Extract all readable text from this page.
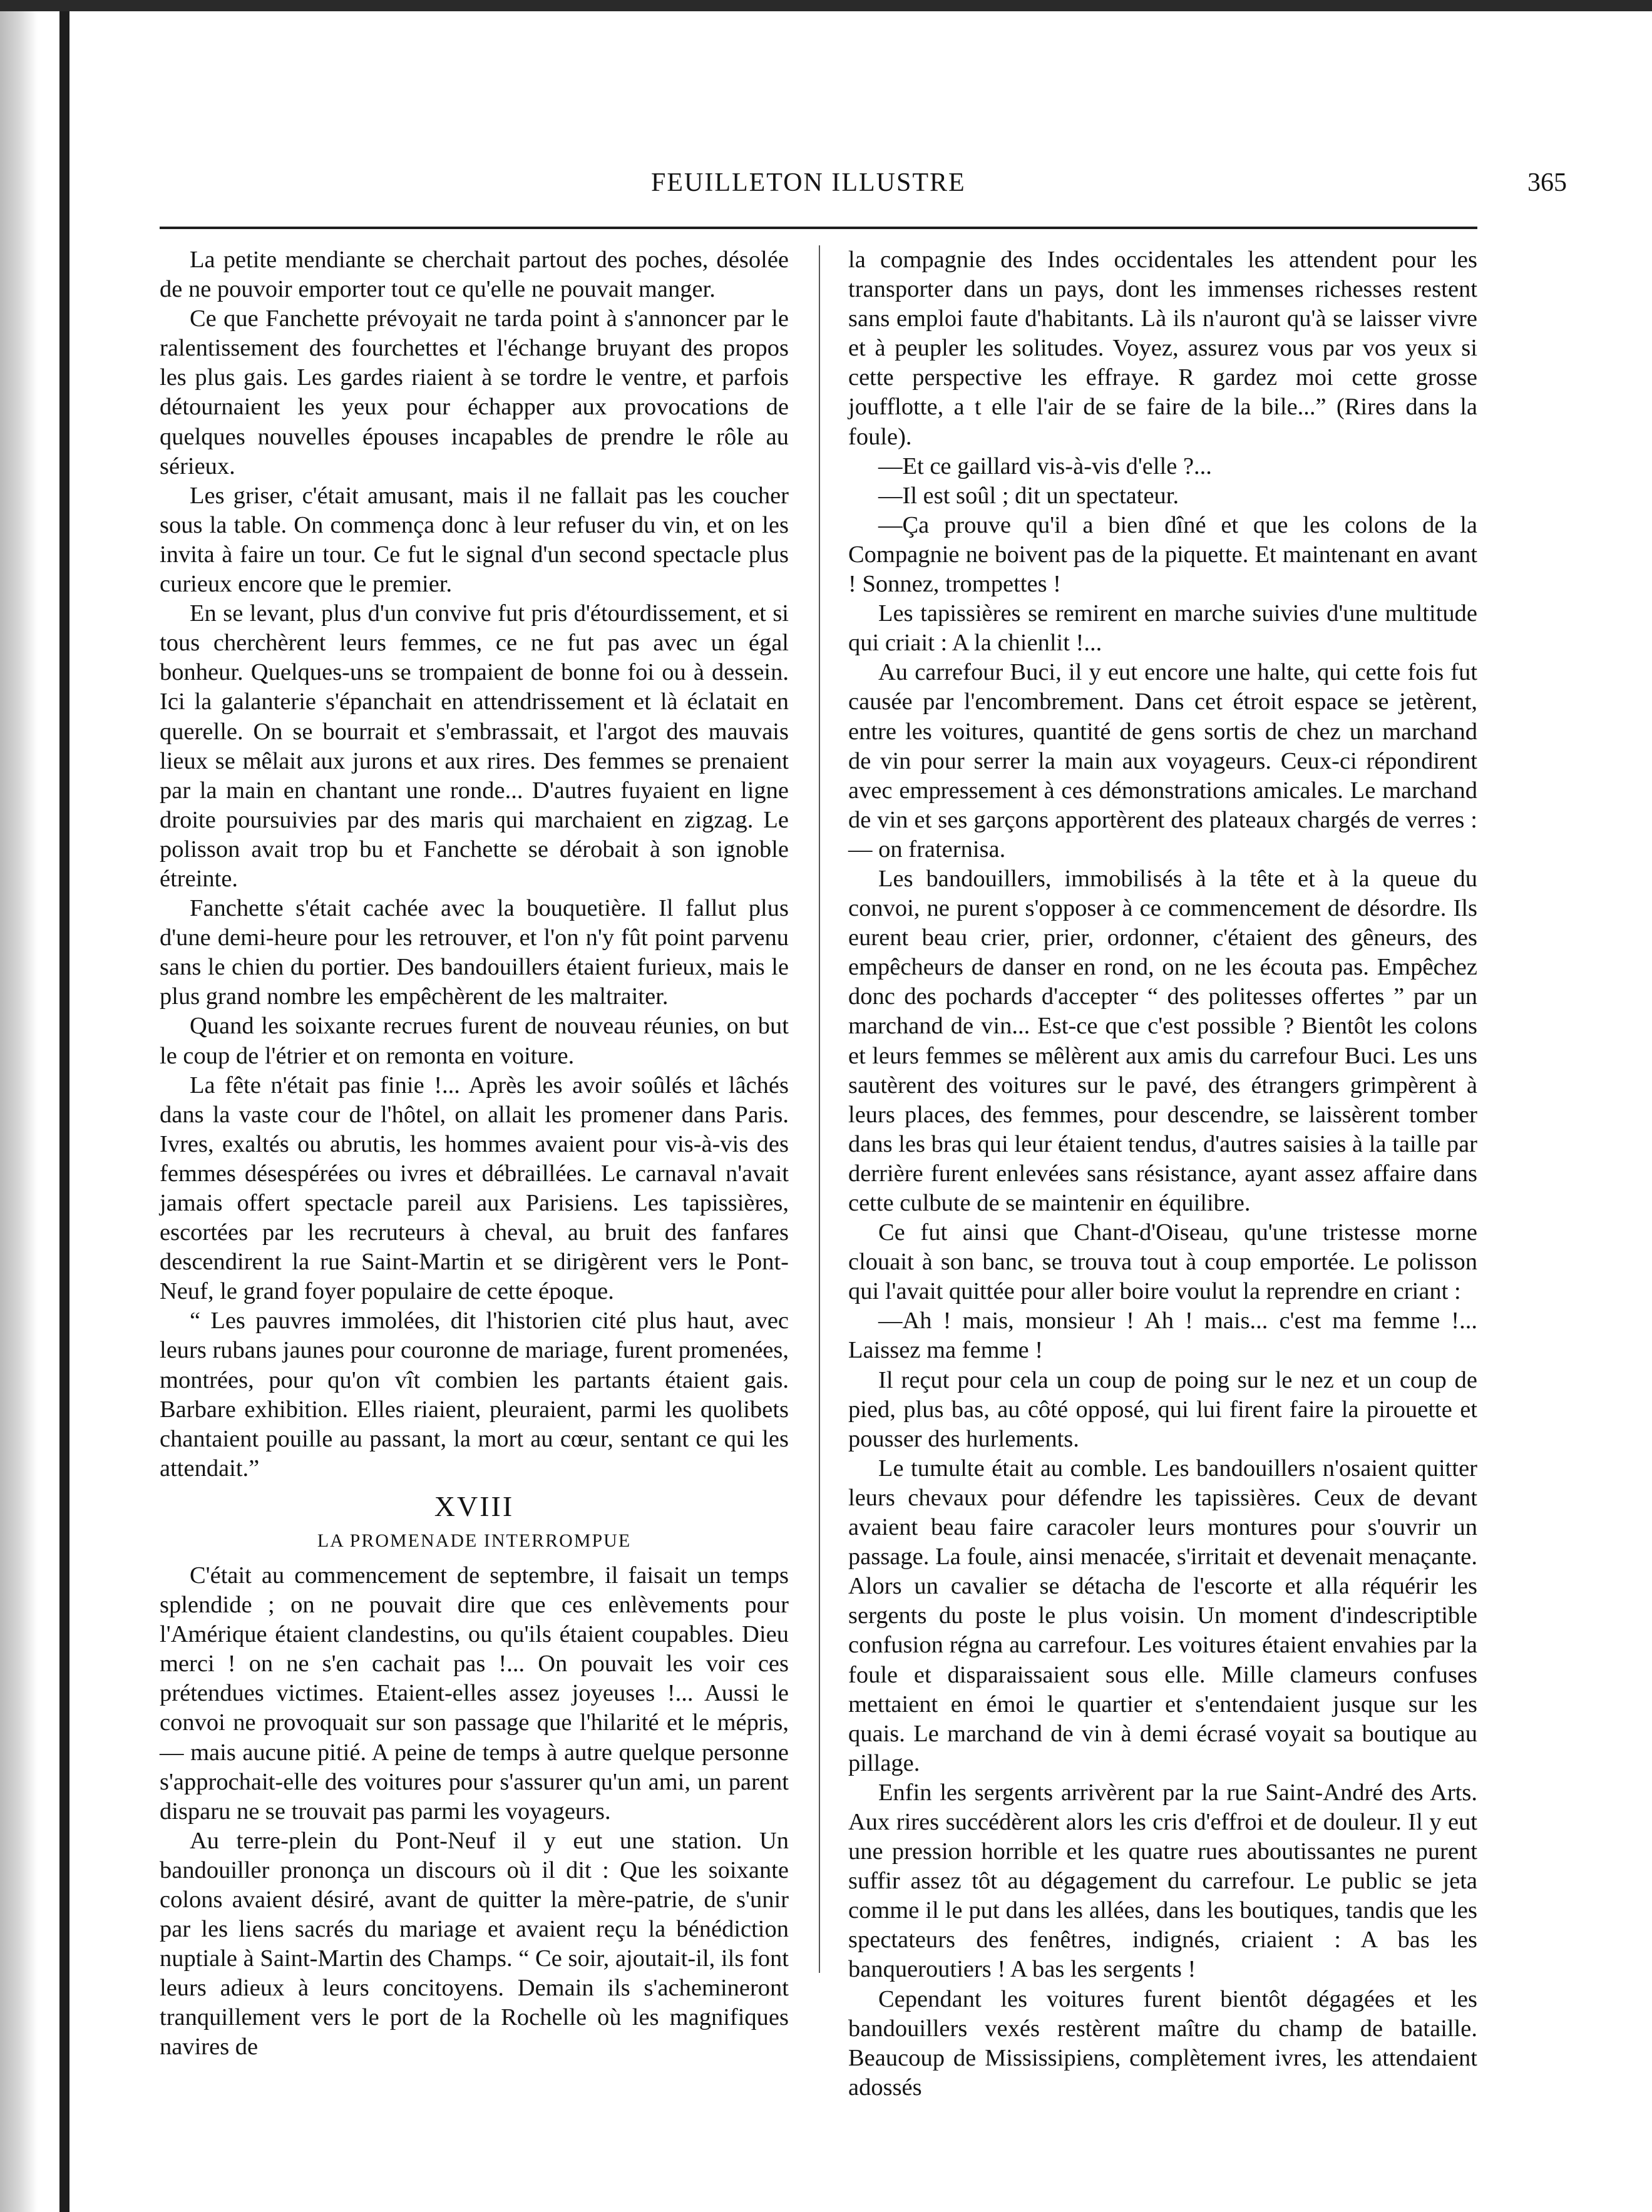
FEUILLETON ILLUSTRE	365

La petite mendiante se cherchait partout des poches, désolée de ne pouvoir emporter tout ce qu'elle ne pouvait manger.

Ce que Fanchette prévoyait ne tarda point à s'annoncer par le ralentissement des fourchettes et l'échange bruyant des propos les plus gais. Les gardes riaient à se tordre le ventre, et parfois détournaient les yeux pour échapper aux provocations de quelques nouvelles épouses incapables de prendre le rôle au sérieux.

Les griser, c'était amusant, mais il ne fallait pas les coucher sous la table. On commença donc à leur refuser du vin, et on les invita à faire un tour. Ce fut le signal d'un second spectacle plus curieux encore que le premier.

En se levant, plus d'un convive fut pris d'étourdissement, et si tous cherchèrent leurs femmes, ce ne fut pas avec un égal bonheur. Quelques-uns se trompaient de bonne foi ou à dessein. Ici la galanterie s'épanchait en attendrissement et là éclatait en querelle. On se bourrait et s'embrassait, et l'argot des mauvais lieux se mêlait aux jurons et aux rires. Des femmes se prenaient par la main en chantant une ronde... D'autres fuyaient en ligne droite poursuivies par des maris qui marchaient en zigzag. Le polisson avait trop bu et Fanchette se dérobait à son ignoble étreinte.

Fanchette s'était cachée avec la bouquetière. Il fallut plus d'une demi-heure pour les retrouver, et l'on n'y fût point parvenu sans le chien du portier. Des bandouillers étaient furieux, mais le plus grand nombre les empêchèrent de les maltraiter.

Quand les soixante recrues furent de nouveau réunies, on but le coup de l'étrier et on remonta en voiture.

La fête n'était pas finie !... Après les avoir soûlés et lâchés dans la vaste cour de l'hôtel, on allait les promener dans Paris. Ivres, exaltés ou abrutis, les hommes avaient pour vis-à-vis des femmes désespérées ou ivres et débraillées. Le carnaval n'avait jamais offert spectacle pareil aux Parisiens. Les tapissières, escortées par les recruteurs à cheval, au bruit des fanfares descendirent la rue Saint-Martin et se dirigèrent vers le Pont-Neuf, le grand foyer populaire de cette époque.

“ Les pauvres immolées, dit l'historien cité plus haut, avec leurs rubans jaunes pour couronne de mariage, furent promenées, montrées, pour qu'on vît combien les partants étaient gais. Barbare exhibition. Elles riaient, pleuraient, parmi les quolibets chantaient pouille au passant, la mort au cœur, sentant ce qui les attendait.”

XVIII
LA PROMENADE INTERROMPUE

C'était au commencement de septembre, il faisait un temps splendide ; on ne pouvait dire que ces enlèvements pour l'Amérique étaient clandestins, ou qu'ils étaient coupables. Dieu merci ! on ne s'en cachait pas !... On pouvait les voir ces prétendues victimes. Etaient-elles assez joyeuses !... Aussi le convoi ne provoquait sur son passage que l'hilarité et le mépris, — mais aucune pitié. A peine de temps à autre quelque personne s'approchait-elle des voitures pour s'assurer qu'un ami, un parent disparu ne se trouvait pas parmi les voyageurs.

Au terre-plein du Pont-Neuf il y eut une station. Un bandouiller prononça un discours où il dit : Que les soixante colons avaient désiré, avant de quitter la mère-patrie, de s'unir par les liens sacrés du mariage et avaient reçu la bénédiction nuptiale à Saint-Martin des Champs. “ Ce soir, ajoutait-il, ils font leurs adieux à leurs concitoyens. Demain ils s'achemineront tranquillement vers le port de la Rochelle où les magnifiques navires de

la compagnie des Indes occidentales les attendent pour les transporter dans un pays, dont les immenses richesses restent sans emploi faute d'habitants. Là ils n'auront qu'à se laisser vivre et à peupler les solitudes. Voyez, assurez vous par vos yeux si cette perspective les effraye. R gardez moi cette grosse joufflotte, a t elle l'air de se faire de la bile...” (Rires dans la foule).

—Et ce gaillard vis-à-vis d'elle ?...

—Il est soûl ; dit un spectateur.

—Ça prouve qu'il a bien dîné et que les colons de la Compagnie ne boivent pas de la piquette. Et maintenant en avant ! Sonnez, trompettes !

Les tapissières se remirent en marche suivies d'une multitude qui criait : A la chienlit !...

Au carrefour Buci, il y eut encore une halte, qui cette fois fut causée par l'encombrement. Dans cet étroit espace se jetèrent, entre les voitures, quantité de gens sortis de chez un marchand de vin pour serrer la main aux voyageurs. Ceux-ci répondirent avec empressement à ces démonstrations amicales. Le marchand de vin et ses garçons apportèrent des plateaux chargés de verres : — on fraternisa.

Les bandouillers, immobilisés à la tête et à la queue du convoi, ne purent s'opposer à ce commencement de désordre. Ils eurent beau crier, prier, ordonner, c'étaient des gêneurs, des empêcheurs de danser en rond, on ne les écouta pas. Empêchez donc des pochards d'accepter “ des politesses offertes ” par un marchand de vin... Est-ce que c'est possible ? Bientôt les colons et leurs femmes se mêlèrent aux amis du carrefour Buci. Les uns sautèrent des voitures sur le pavé, des étrangers grimpèrent à leurs places, des femmes, pour descendre, se laissèrent tomber dans les bras qui leur étaient tendus, d'autres saisies à la taille par derrière furent enlevées sans résistance, ayant assez affaire dans cette culbute de se maintenir en équilibre.

Ce fut ainsi que Chant-d'Oiseau, qu'une tristesse morne clouait à son banc, se trouva tout à coup emportée. Le polisson qui l'avait quittée pour aller boire voulut la reprendre en criant :

—Ah ! mais, monsieur ! Ah ! mais... c'est ma femme !... Laissez ma femme !

Il reçut pour cela un coup de poing sur le nez et un coup de pied, plus bas, au côté opposé, qui lui firent faire la pirouette et pousser des hurlements.

Le tumulte était au comble. Les bandouillers n'osaient quitter leurs chevaux pour défendre les tapissières. Ceux de devant avaient beau faire caracoler leurs montures pour s'ouvrir un passage. La foule, ainsi menacée, s'irritait et devenait menaçante. Alors un cavalier se détacha de l'escorte et alla réquérir les sergents du poste le plus voisin. Un moment d'indescriptible confusion régna au carrefour. Les voitures étaient envahies par la foule et disparaissaient sous elle. Mille clameurs confuses mettaient en émoi le quartier et s'entendaient jusque sur les quais. Le marchand de vin à demi écrasé voyait sa boutique au pillage.

Enfin les sergents arrivèrent par la rue Saint-André des Arts. Aux rires succédèrent alors les cris d'effroi et de douleur. Il y eut une pression horrible et les quatre rues aboutissantes ne purent suffir assez tôt au dégagement du carrefour. Le public se jeta comme il le put dans les allées, dans les boutiques, tandis que les spectateurs des fenêtres, indignés, criaient : A bas les banqueroutiers ! A bas les sergents !

Cependant les voitures furent bientôt dégagées et les bandouillers vexés restèrent maître du champ de bataille. Beaucoup de Mississipiens, complètement ivres, les attendaient adossés
